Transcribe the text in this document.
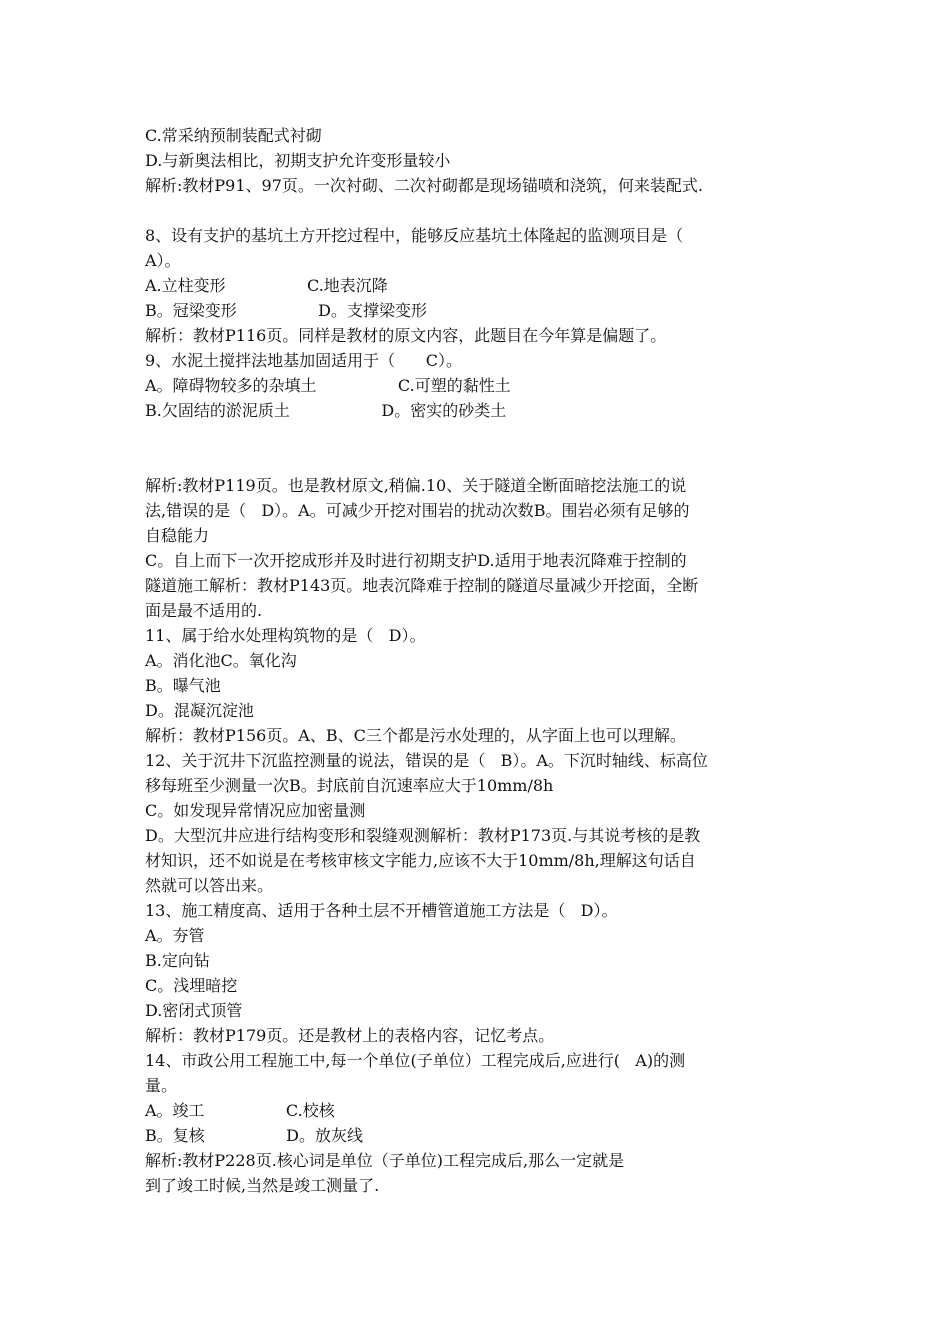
C.常采纳预制装配式衬砌
D.与新奥法相比，初期支护允许变形量较小
解析:教材P91、97页。一次衬砌、二次衬砌都是现场锚喷和浇筑，何来装配式.
8、设有支护的基坑土方开挖过程中，能够反应基坑土体隆起的监测项目是（
A）。
A.立柱变形                C.地表沉降
B。冠梁变形                D。支撑梁变形
解析：教材P116页。同样是教材的原文内容，此题目在今年算是偏题了。
9、水泥土搅拌法地基加固适用于（      C）。
A。障碍物较多的杂填土                C.可塑的黏性土
B.欠固结的淤泥质土                  D。密实的砂类土
解析:教材P119页。也是教材原文,稍偏.10、关于隧道全断面暗挖法施工的说
法,错误的是（   D）。A。可减少开挖对围岩的扰动次数B。围岩必须有足够的
自稳能力
C。自上而下一次开挖成形并及时进行初期支护D.适用于地表沉降难于控制的
隧道施工解析：教材P143页。地表沉降难于控制的隧道尽量减少开挖面，全断
面是最不适用的.
11、属于给水处理构筑物的是（   D）。
A。消化池C。氧化沟
B。曝气池
D。混凝沉淀池
解析：教材P156页。A、B、C三个都是污水处理的，从字面上也可以理解。
12、关于沉井下沉监控测量的说法，错误的是（   B）。A。下沉时轴线、标高位
移每班至少测量一次B。封底前自沉速率应大于10mm/8h
C。如发现异常情况应加密量测
D。大型沉井应进行结构变形和裂缝观测解析：教材P173页.与其说考核的是教
材知识，还不如说是在考核审核文字能力,应该不大于10mm/8h,理解这句话自
然就可以答出来。
13、施工精度高、适用于各种土层不开槽管道施工方法是（   D）。
A。夯管
B.定向钻
C。浅埋暗挖
D.密闭式顶管
解析：教材P179页。还是教材上的表格内容，记忆考点。
14、市政公用工程施工中,每一个单位(子单位）工程完成后,应进行(   A)的测
量。
A。竣工                C.校核
B。复核                D。放灰线
解析:教材P228页.核心词是单位（子单位)工程完成后,那么一定就是
到了竣工时候,当然是竣工测量了.
